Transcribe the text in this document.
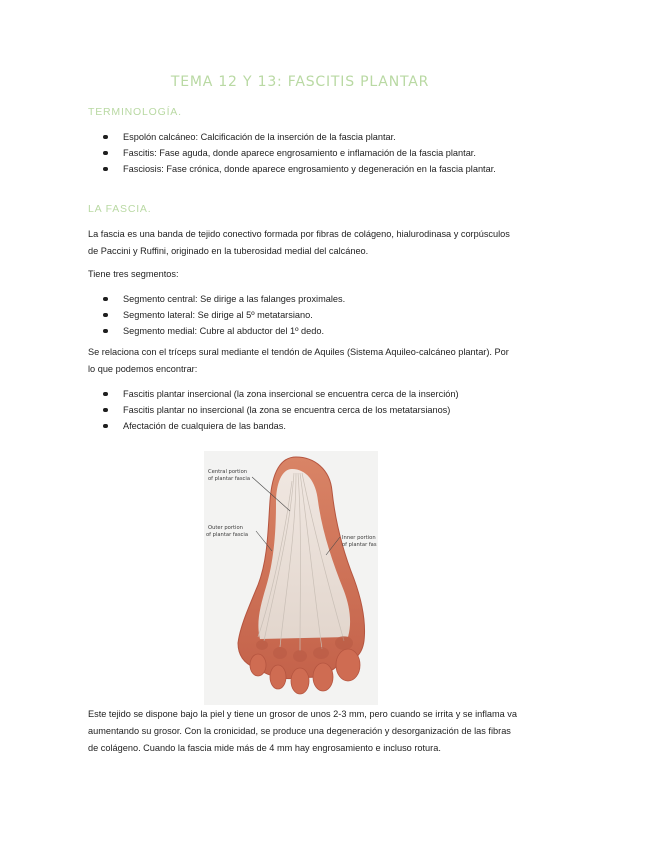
TEMA 12 Y 13: FASCITIS PLANTAR
TERMINOLOGÍA.
Espolón calcáneo: Calcificación de la inserción de la fascia plantar.
Fascitis: Fase aguda, donde aparece engrosamiento e inflamación de la fascia plantar.
Fasciosis: Fase crónica, donde aparece engrosamiento y degeneración en la fascia plantar.
LA FASCIA.

La fascia es una banda de tejido conectivo formada por fibras de colágeno, hialurodinasa y corpúsculos de Paccini y Ruffini, originado en la tuberosidad medial del calcáneo.

Tiene tres segmentos:

Segmento central: Se dirige a las falanges proximales.
Segmento lateral: Se dirige al 5º metatarsiano.
Segmento medial: Cubre al abductor del 1º dedo.

Se relaciona con el tríceps sural mediante el tendón de Aquiles (Sistema Aquileo-calcáneo plantar). Por lo que podemos encontrar:

Fascitis plantar insercional (la zona insercional se encuentra cerca de la inserción)
Fascitis plantar no insercional (la zona se encuentra cerca de los metatarsianos)
Afectación de cualquiera de las bandas.
Central portion
of plantar fascia
Outer portion
of plantar fascia	Inner portion
of plantar fas

Este tejido se dispone bajo la piel y tiene un grosor de unos 2-3 mm, pero cuando se irrita y se inflama va aumentando su grosor. Con la cronicidad, se produce una degeneración y desorganización de las fibras de colágeno. Cuando la fascia mide más de 4 mm hay engrosamiento e incluso rotura.
